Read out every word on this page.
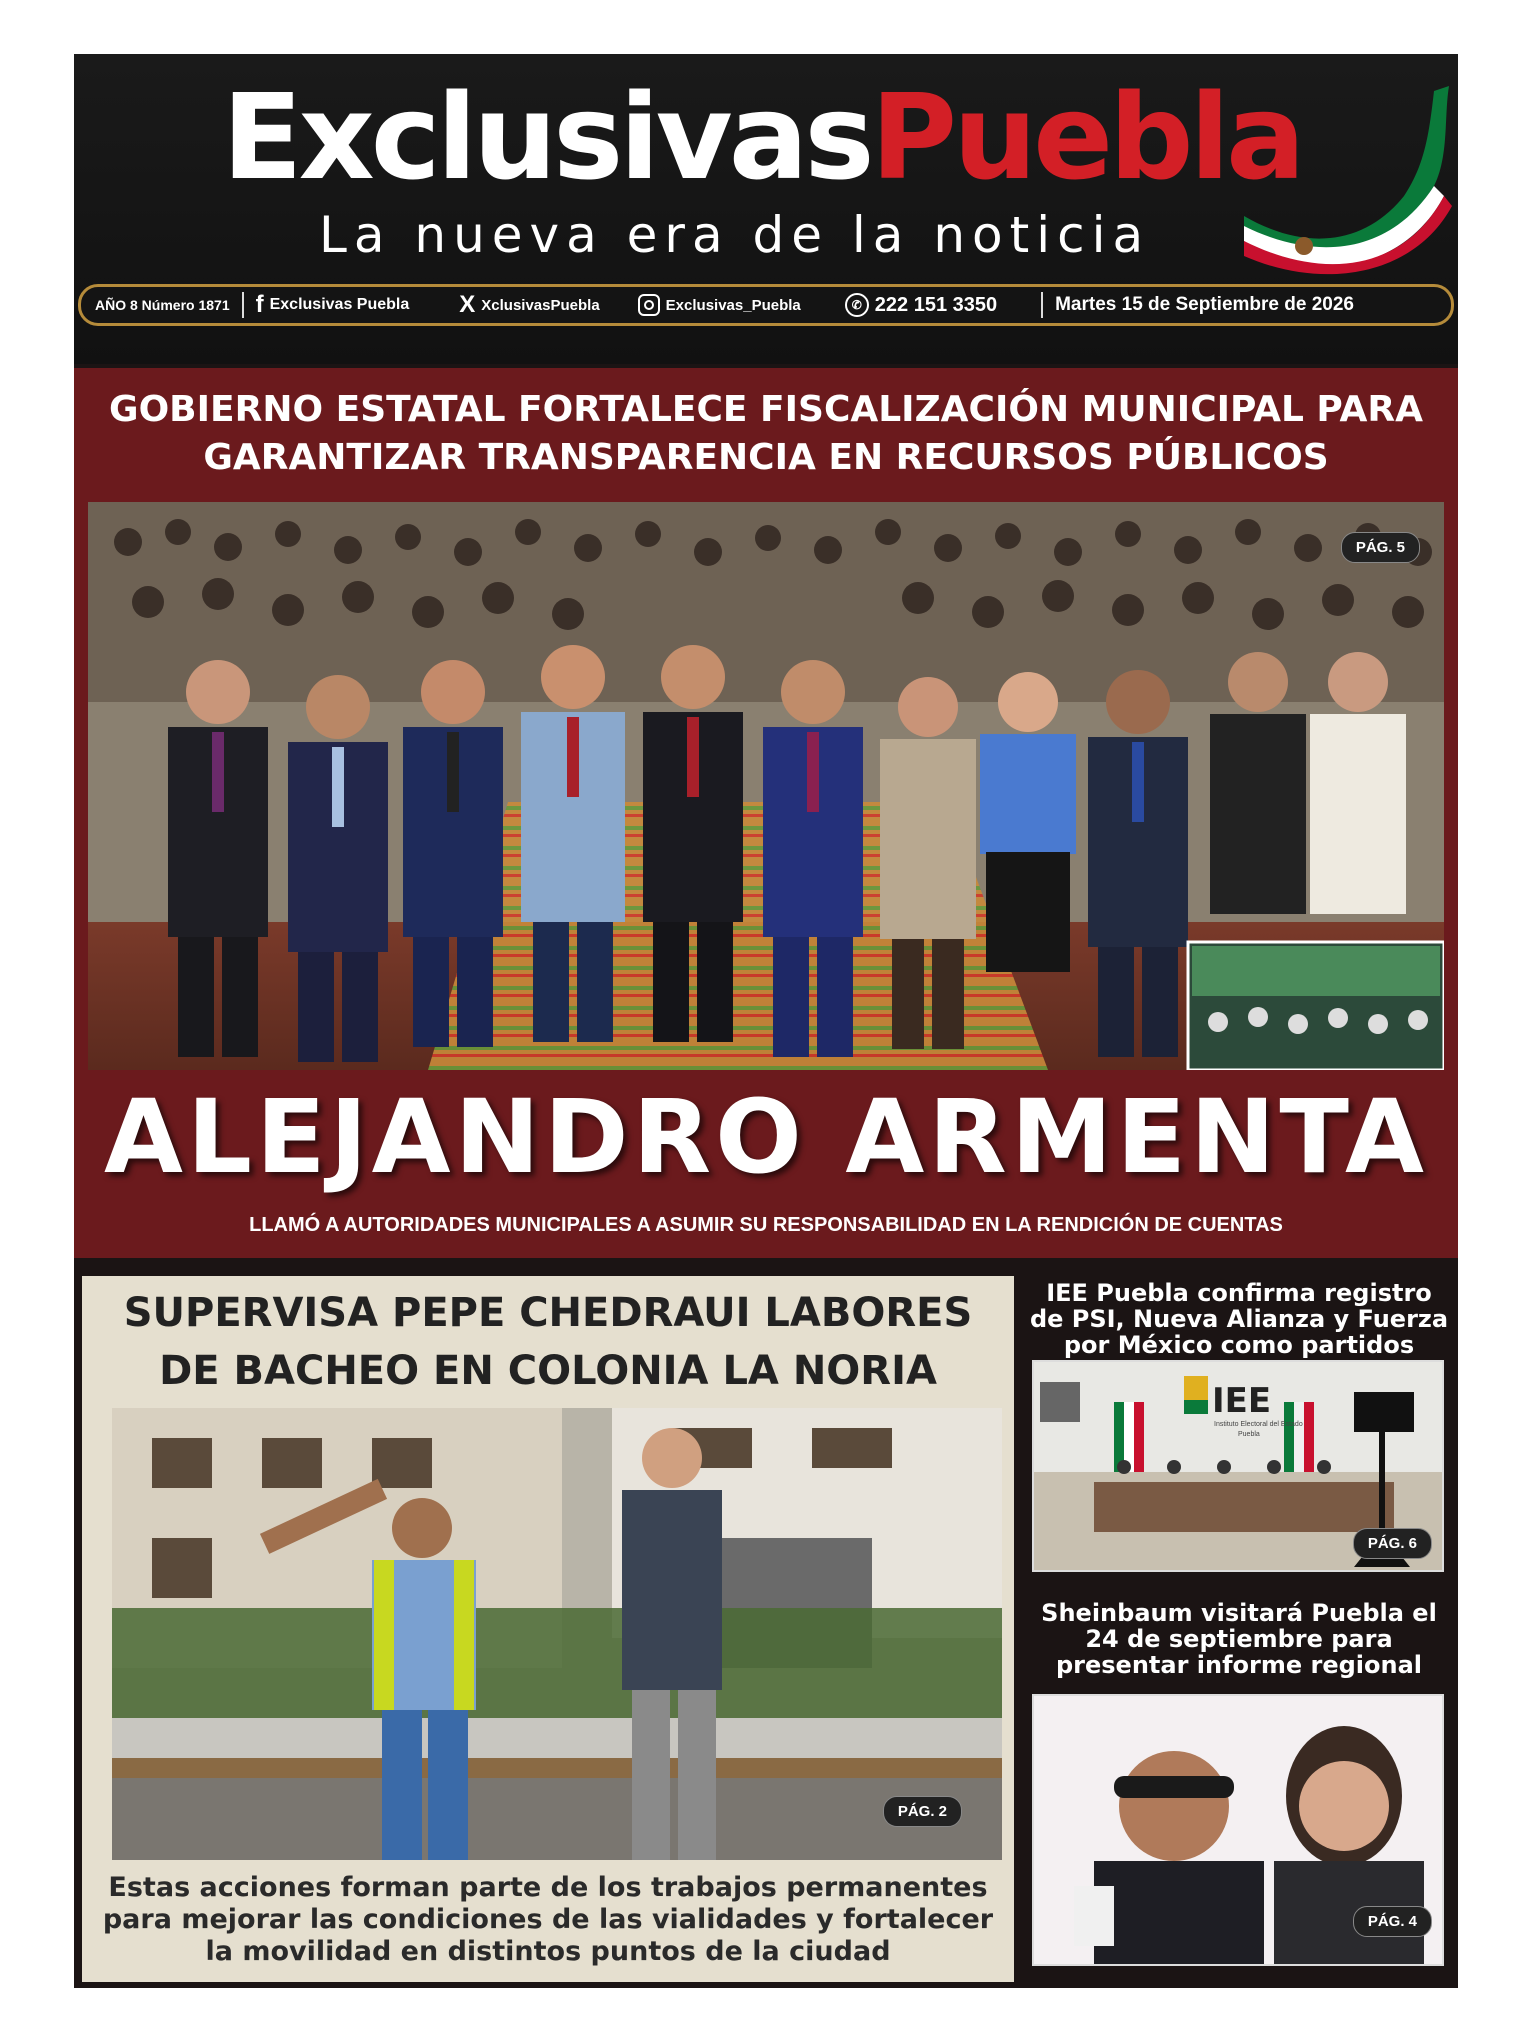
Exclusivas Puebla
La nueva era de la noticia
AÑO 8 Número 1871 f Exclusivas Puebla X XclusivasPuebla	Exclusivas_Puebla	✆ 222 151 3350	Martes 15 de Septiembre de 2026
GOBIERNO ESTATAL FORTALECE FISCALIZACIÓN MUNICIPAL PARA GARANTIZAR TRANSPARENCIA EN RECURSOS PÚBLICOS
PÁG. 5
ALEJANDRO ARMENTA
LLAMÓ A AUTORIDADES MUNICIPALES A ASUMIR SU RESPONSABILIDAD EN LA RENDICIÓN DE CUENTAS
SUPERVISA PEPE CHEDRAUI LABORES DE BACHEO EN COLONIA LA NORIA
PÁG. 2
Estas acciones forman parte de los trabajos permanentes para mejorar las condiciones de las vialidades y fortalecer la movilidad en distintos puntos de la ciudad
IEE Puebla confirma registro de PSI, Nueva Alianza y Fuerza por México como partidos
IEE
Instituto Electoral del Estado
Puebla
PÁG. 6
Sheinbaum visitará Puebla el 24 de septiembre para presentar informe regional
PÁG. 4
